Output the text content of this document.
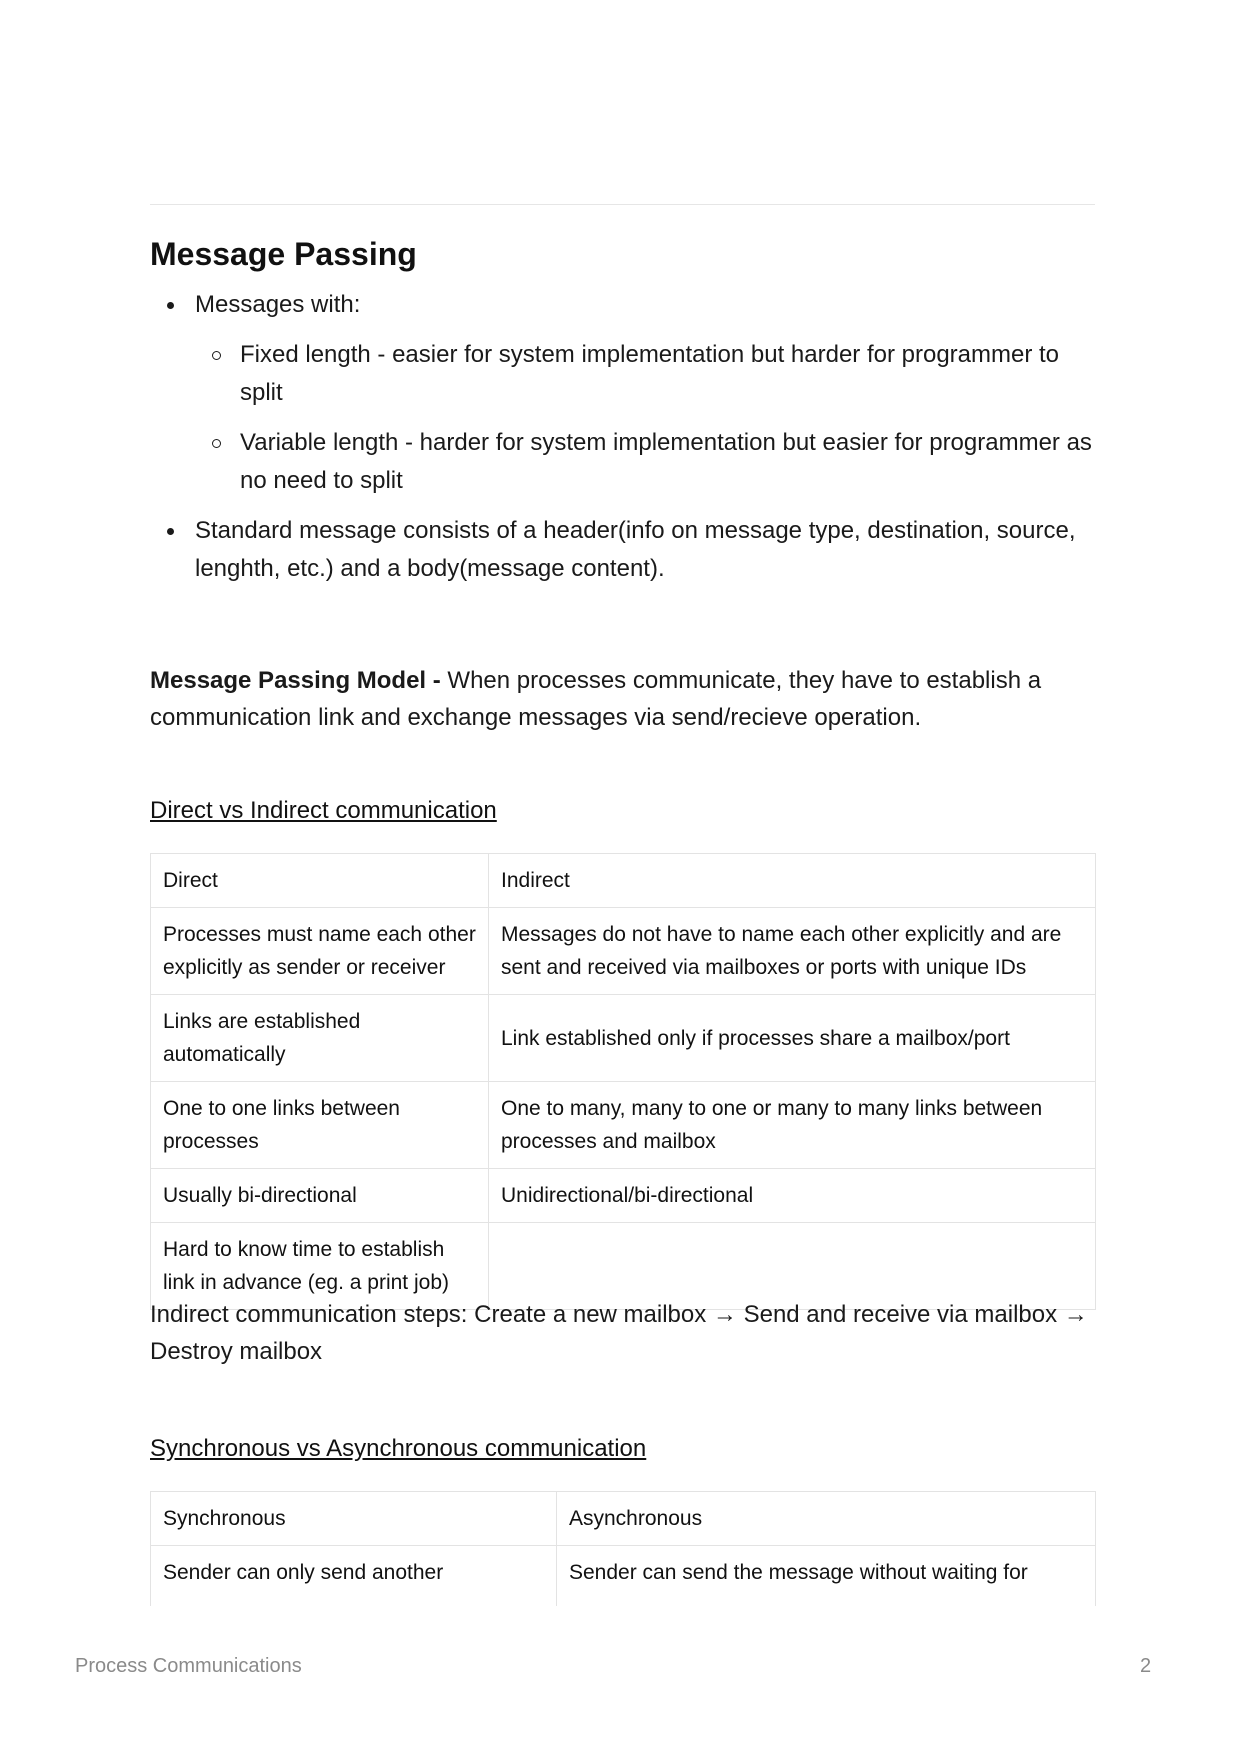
Message Passing
Messages with:
Fixed length - easier for system implementation but harder for programmer to split
Variable length - harder for system implementation but easier for programmer as no need to split
Standard message consists of a header(info on message type, destination, source, lenghth, etc.) and a body(message content).

Message Passing Model - When processes communicate, they have to establish a communication link and exchange messages via send/recieve operation.

Direct vs Indirect communication

Direct	Indirect
Processes must name each other explicitly as sender or receiver	Messages do not have to name each other explicitly and are sent and received via mailboxes or ports with unique IDs
Links are established automatically	Link established only if processes share a mailbox/port
One to one links between processes	One to many, many to one or many to many links between processes and mailbox
Usually bi-directional	Unidirectional/bi-directional
Hard to know time to establish link in advance (eg. a print job)	

Indirect communication steps: Create a new mailbox → Send and receive via mailbox → Destroy mailbox

Synchronous vs Asynchronous communication

Synchronous	Asynchronous
Sender can only send another	Sender can send the message without waiting for
Process Communications	2
